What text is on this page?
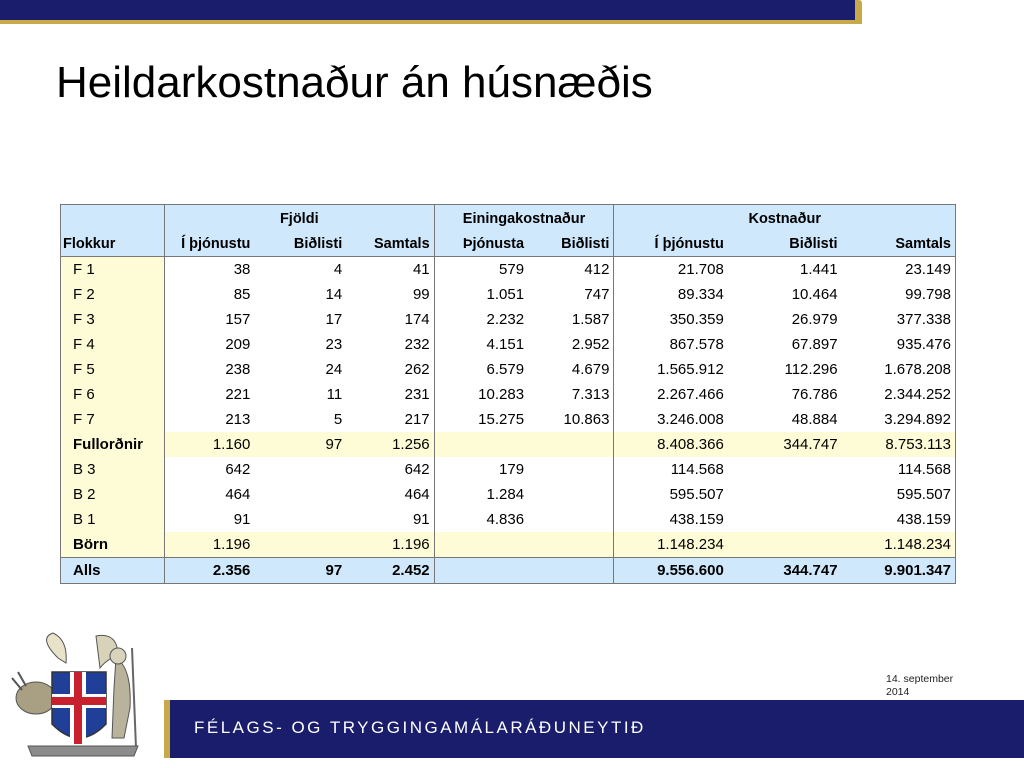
Heildarkostnaður án húsnæðis
	Fjöldi			Einingakostnaður		Kostnaður		
Flokkur	Í þjónustu	Biðlisti	Samtals	Þjónusta	Biðlisti	Í þjónustu	Biðlisti	Samtals
F 1	38	4	41	579	412	21.708	1.441	23.149
F 2	85	14	99	1.051	747	89.334	10.464	99.798
F 3	157	17	174	2.232	1.587	350.359	26.979	377.338
F 4	209	23	232	4.151	2.952	867.578	67.897	935.476
F 5	238	24	262	6.579	4.679	1.565.912	112.296	1.678.208
F 6	221	11	231	10.283	7.313	2.267.466	76.786	2.344.252
F 7	213	5	217	15.275	10.863	3.246.008	48.884	3.294.892
Fullorðnir	1.160	97	1.256			8.408.366	344.747	8.753.113
B 3	642		642	179		114.568		114.568
B 2	464		464	1.284		595.507		595.507
B 1	91		91	4.836		438.159		438.159
Börn	1.196		1.196			1.148.234		1.148.234
Alls	2.356	97	2.452			9.556.600	344.747	9.901.347
14. september
2014
FÉLAGS- OG TRYGGINGAMÁLARÁÐUNEYTIÐ
